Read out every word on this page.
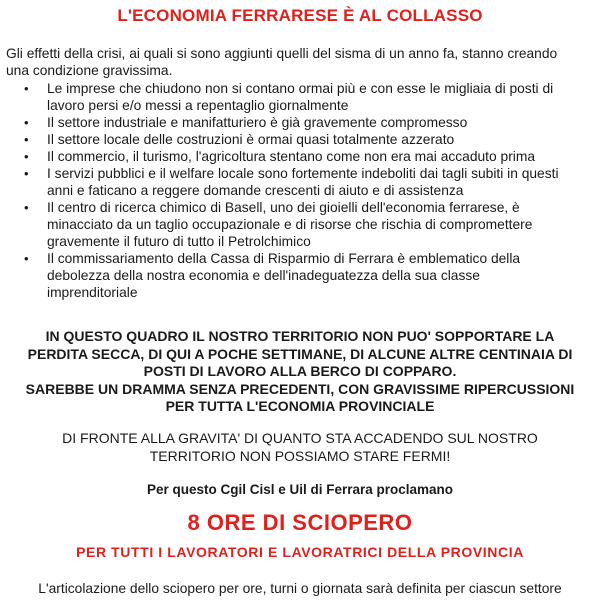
L'ECONOMIA FERRARESE È AL COLLASSO
Gli effetti della crisi, ai quali si sono aggiunti quelli del sisma di un anno fa, stanno creando
una condizione gravissima.
• Le imprese che chiudono non si contano ormai più e con esse le migliaia di posti di
lavoro persi e/o messi a repentaglio giornalmente
• Il settore industriale e manifatturiero è già gravemente compromesso
• Il settore locale delle costruzioni è ormai quasi totalmente azzerato
• Il commercio, il turismo, l'agricoltura stentano come non era mai accaduto prima
• I servizi pubblici e il welfare locale sono fortemente indeboliti dai tagli subiti in questi
anni e faticano a reggere domande crescenti di aiuto e di assistenza
• Il centro di ricerca chimico di Basell, uno dei gioielli dell'economia ferrarese, è
minacciato da un taglio occupazionale e di risorse che rischia di compromettere
gravemente il futuro di tutto il Petrolchimico
• Il commissariamento della Cassa di Risparmio di Ferrara è emblematico della
debolezza della nostra economia e dell'inadeguatezza della sua classe
imprenditoriale
IN QUESTO QUADRO IL NOSTRO TERRITORIO NON PUO' SOPPORTARE LA
PERDITA SECCA, DI QUI A POCHE SETTIMANE, DI ALCUNE ALTRE CENTINAIA DI
POSTI DI LAVORO ALLA BERCO DI COPPARO.
SAREBBE UN DRAMMA SENZA PRECEDENTI, CON GRAVISSIME RIPERCUSSIONI
PER TUTTA L'ECONOMIA PROVINCIALE
DI FRONTE ALLA GRAVITA' DI QUANTO STA ACCADENDO SUL NOSTRO
TERRITORIO NON POSSIAMO STARE FERMI!
Per questo Cgil Cisl e Uil di Ferrara proclamano
8 ORE DI SCIOPERO
PER TUTTI I LAVORATORI E LAVORATRICI DELLA PROVINCIA
L'articolazione dello sciopero per ore, turni o giornata sarà definita per ciascun settore
